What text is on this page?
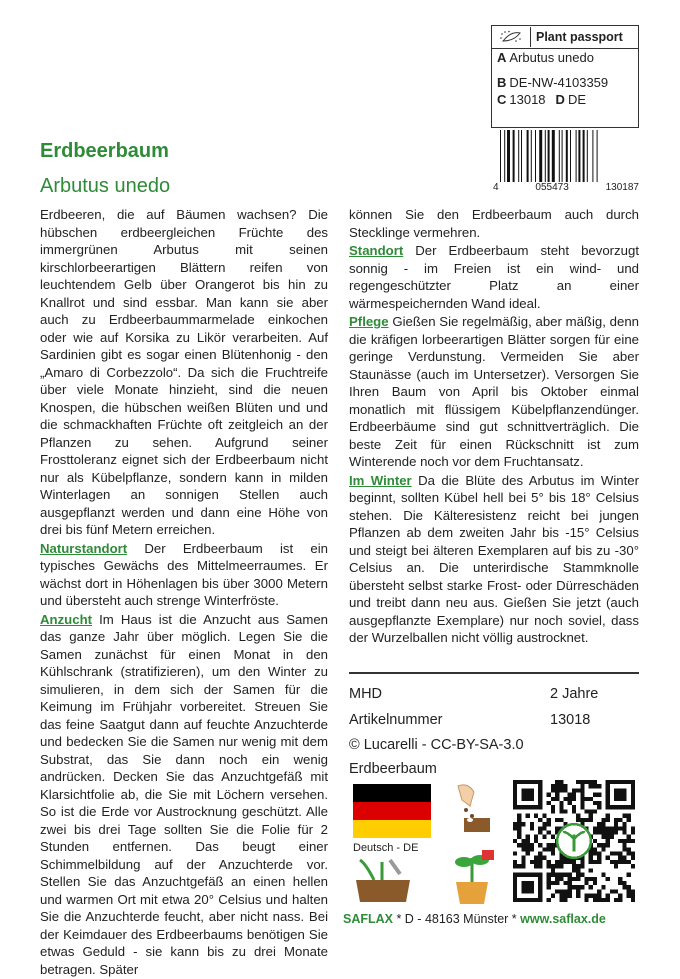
Plant passport
A Arbutus unedo
B DE-NW-4103359
C 13018 D DE
4	055473	130187
Erdbeerbaum
Arbutus unedo

Erdbeeren, die auf Bäumen wachsen? Die hübschen erdbeergleichen Früchte des immergrünen Arbutus mit seinen kirschlorbeerartigen Blättern reifen von leuchtendem Gelb über Orangerot bis hin zu Knallrot und sind essbar. Man kann sie aber auch zu Erdbeerbaummarmelade einkochen oder wie auf Korsika zu Likör verarbeiten. Auf Sardinien gibt es sogar einen Blütenhonig - den „Amaro di Corbezzolo“. Da sich die Fruchtreife über viele Monate hinzieht, sind die neuen Knospen, die hübschen weißen Blüten und und die schmackhaften Früchte oft zeitgleich an der Pflanzen zu sehen. Aufgrund seiner Frosttoleranz eignet sich der Erdbeerbaum nicht nur als Kübelpflanze, sondern kann in milden Winterlagen an sonnigen Stellen auch ausgepflanzt werden und dann eine Höhe von drei bis fünf Metern erreichen.

Naturstandort Der Erdbeerbaum ist ein typisches Gewächs des Mittelmeerraumes. Er wächst dort in Höhenlagen bis über 3000 Metern und übersteht auch strenge Winterfröste.

Anzucht Im Haus ist die Anzucht aus Samen das ganze Jahr über möglich. Legen Sie die Samen zunächst für einen Monat in den Kühlschrank (stratifizieren), um den Winter zu simulieren, in dem sich der Samen für die Keimung im Frühjahr vorbereitet. Streuen Sie das feine Saatgut dann auf feuchte Anzuchterde und bedecken Sie die Samen nur wenig mit dem Substrat, das Sie dann noch ein wenig andrücken. Decken Sie das Anzuchtgefäß mit Klarsichtfolie ab, die Sie mit Löchern versehen. So ist die Erde vor Austrocknung geschützt. Alle zwei bis drei Tage sollten Sie die Folie für 2 Stunden entfernen. Das beugt einer Schimmelbildung auf der Anzuchterde vor. Stellen Sie das Anzuchtgefäß an einen hellen und warmen Ort mit etwa 20° Celsius und halten Sie die Anzuchterde feucht, aber nicht nass. Bei der Keimdauer des Erdbeerbaums benötigen Sie etwas Geduld - sie kann bis zu drei Monate betragen. Später

können Sie den Erdbeerbaum auch durch Stecklinge vermehren.

Standort Der Erdbeerbaum steht bevorzugt sonnig - im Freien ist ein wind- und regengeschützter Platz an einer wärmespeichernden Wand ideal.

Pflege Gießen Sie regelmäßig, aber mäßig, denn die kräfigen lorbeerartigen Blätter sorgen für eine geringe Verdunstung. Vermeiden Sie aber Staunässe (auch im Untersetzer). Versorgen Sie Ihren Baum von April bis Oktober einmal monatlich mit flüssigem Kübelpflanzendünger. Erdbeerbäume sind gut schnittverträglich. Die beste Zeit für einen Rückschnitt ist zum Winterende noch vor dem Fruchtansatz.

Im Winter Da die Blüte des Arbutus im Winter beginnt, sollten Kübel hell bei 5° bis 18° Celsius stehen. Die Kälteresistenz reicht bei jungen Pflanzen ab dem zweiten Jahr bis -15° Celsius und steigt bei älteren Exemplaren auf bis zu -30° Celsius an. Die unterirdische Stammknolle übersteht selbst starke Frost- oder Dürreschäden und treibt dann neu aus. Gießen Sie jetzt (auch ausgepflanzte Exemplare) nur noch soviel, dass der Wurzelballen nicht völlig austrocknet.

MHD	2 Jahre
Artikelnummer	13018
© Lucarelli - CC-BY-SA-3.0
Erdbeerbaum
Deutsch - DE
SAFLAX * D - 48163 Münster * www.saflax.de
